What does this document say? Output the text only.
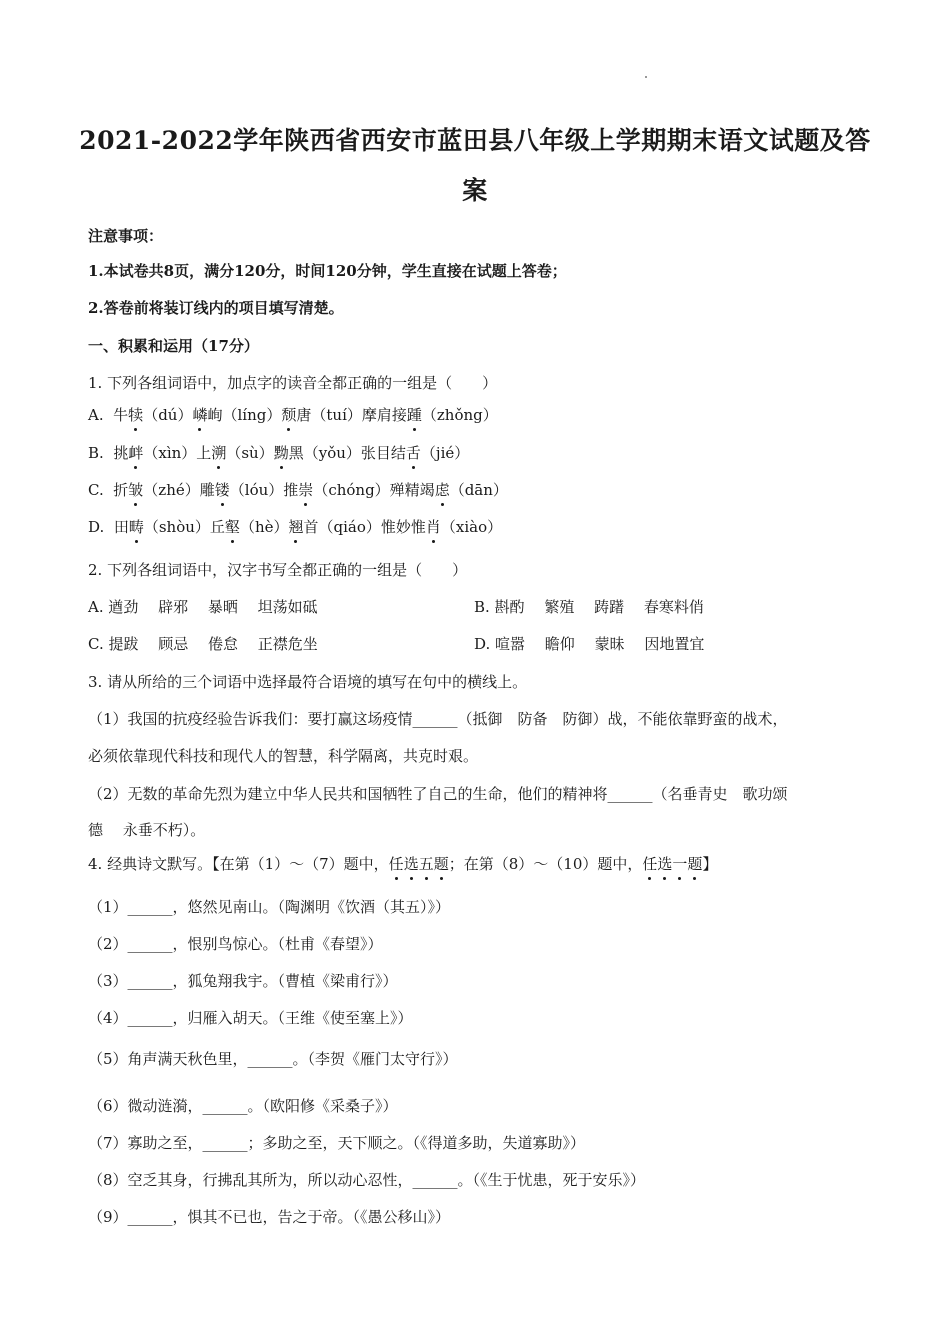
2021-2022学年陕西省西安市蓝田县八年级上学期期末语文试题及答
案
注意事项：
1.本试卷共8页，满分120分，时间120分钟，学生直接在试题上答卷；
2.答卷前将装订线内的项目填写清楚。
一、积累和运用（17分）
1. 下列各组词语中，加点字的读音全都正确的一组是（　　）
A. 牛犊（dú）嶙峋（líng）颓唐（tuí）摩肩接踵（zhǒng）
B. 挑衅（xìn）上溯（sù）黝黑（yǒu）张目结舌（jié）
C. 折皱（zhé）雕镂（lóu）推崇（chóng）殚精竭虑（dān）
D. 田畴（shòu）丘壑（hè）翘首（qiáo）惟妙惟肖（xiào）
2. 下列各组词语中，汉字书写全都正确的一组是（　　）
A. 遒劲　 辟邪　 暴晒　 坦荡如砥	B. 斟酌　 繁殖　 踌躇　 春寒料俏
C. 提跋　 顾忌　 倦怠　 正襟危坐	D. 喧嚣　 瞻仰　 蒙昧　 因地置宜
3. 请从所给的三个词语中选择最符合语境的填写在句中的横线上。
（1）我国的抗疫经验告诉我们：要打赢这场疫情______（抵御　防备　防御）战，不能依靠野蛮的战术，
必须依靠现代科技和现代人的智慧，科学隔离，共克时艰。
（2）无数的革命先烈为建立中华人民共和国牺牲了自己的生命，他们的精神将______（名垂青史　歌功颂
德　 永垂不朽）。
4. 经典诗文默写。【在第（1）～（7）题中，任选五题；在第（8）～（10）题中，任选一题】
（1）______，悠然见南山。（陶渊明《饮酒（其五）》）
（2）______，恨别鸟惊心。（杜甫《春望》）
（3）______，狐兔翔我宇。（曹植《梁甫行》）
（4）______，归雁入胡天。（王维《使至塞上》）
（5）角声满天秋色里，______。（李贺《雁门太守行》）
（6）微动涟漪，______。（欧阳修《采桑子》）
（7）寡助之至，______；多助之至，天下顺之。（《得道多助，失道寡助》）
（8）空乏其身，行拂乱其所为，所以动心忍性，______。（《生于忧患，死于安乐》）
（9）______，惧其不已也，告之于帝。（《愚公移山》）
